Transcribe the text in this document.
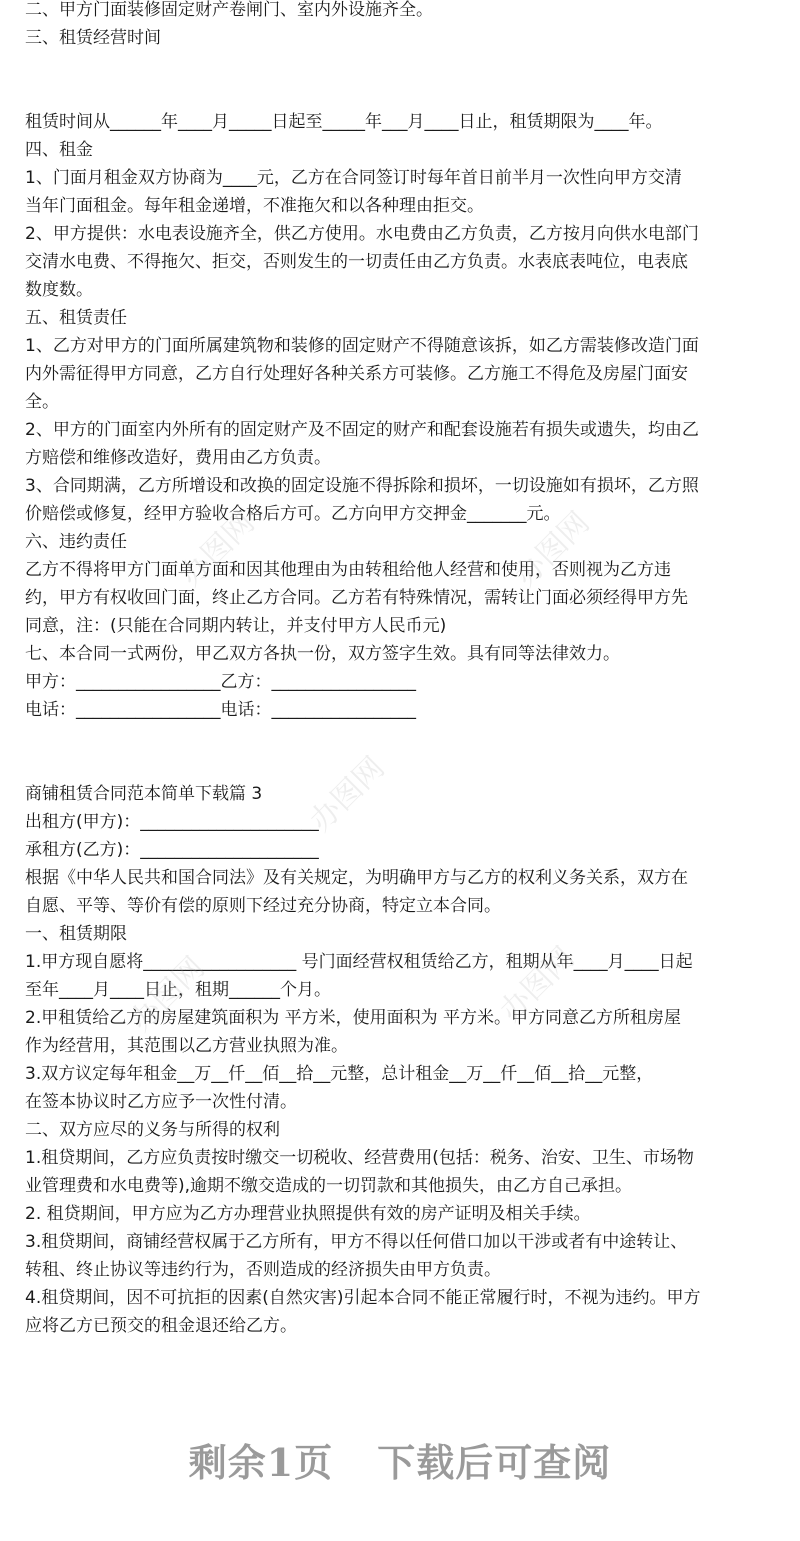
二、甲方门面装修固定财产卷闸门、室内外设施齐全。
三、租赁经营时间
租赁时间从______年____月_____日起至_____年___月____日止，租赁期限为____年。
四、租金
1、门面月租金双方协商为____元，乙方在合同签订时每年首日前半月一次性向甲方交清
当年门面租金。每年租金递增，不准拖欠和以各种理由拒交。
2、甲方提供：水电表设施齐全，供乙方使用。水电费由乙方负责，乙方按月向供水电部门
交清水电费、不得拖欠、拒交，否则发生的一切责任由乙方负责。水表底表吨位，电表底
数度数。
五、租赁责任
1、乙方对甲方的门面所属建筑物和装修的固定财产不得随意该拆，如乙方需装修改造门面
内外需征得甲方同意，乙方自行处理好各种关系方可装修。乙方施工不得危及房屋门面安
全。
2、甲方的门面室内外所有的固定财产及不固定的财产和配套设施若有损失或遗失，均由乙
方赔偿和维修改造好，费用由乙方负责。
3、合同期满，乙方所增设和改换的固定设施不得拆除和损坏，一切设施如有损坏，乙方照
价赔偿或修复，经甲方验收合格后方可。乙方向甲方交押金_______元。
六、违约责任
乙方不得将甲方门面单方面和因其他理由为由转租给他人经营和使用，否则视为乙方违
约，甲方有权收回门面，终止乙方合同。乙方若有特殊情况，需转让门面必须经得甲方先
同意，注：(只能在合同期内转让，并支付甲方人民币元)
七、本合同一式两份，甲乙双方各执一份，双方签字生效。具有同等法律效力。
甲方：_________________乙方：_________________
电话：_________________电话：_________________
商铺租赁合同范本简单下载篇 3
出租方(甲方)：_____________________
承租方(乙方)：_____________________
根据《中华人民共和国合同法》及有关规定，为明确甲方与乙方的权利义务关系，双方在
自愿、平等、等价有偿的原则下经过充分协商，特定立本合同。
一、租赁期限
1.甲方现自愿将__________________ 号门面经营权租赁给乙方，租期从年____月____日起
至年____月____日止，租期______个月。
2.甲租赁给乙方的房屋建筑面积为 平方米，使用面积为 平方米。甲方同意乙方所租房屋
作为经营用，其范围以乙方营业执照为准。
3.双方议定每年租金__万__仟__佰__拾__元整，总计租金__万__仟__佰__拾__元整，
在签本协议时乙方应予一次性付清。
二、双方应尽的义务与所得的权利
1.租贷期间，乙方应负责按时缴交一切税收、经营费用(包括：税务、治安、卫生、市场物
业管理费和水电费等),逾期不缴交造成的一切罚款和其他损失，由乙方自己承担。
2. 租贷期间，甲方应为乙方办理营业执照提供有效的房产证明及相关手续。
3.租贷期间，商铺经营权属于乙方所有，甲方不得以任何借口加以干涉或者有中途转让、
转租、终止协议等违约行为，否则造成的经济损失由甲方负责。
4.租贷期间，因不可抗拒的因素(自然灾害)引起本合同不能正常履行时，不视为违约。甲方
应将乙方已预交的租金退还给乙方。
办图网	办图网
办图网
办图网	办图网
剩余1页 下载后可查阅
